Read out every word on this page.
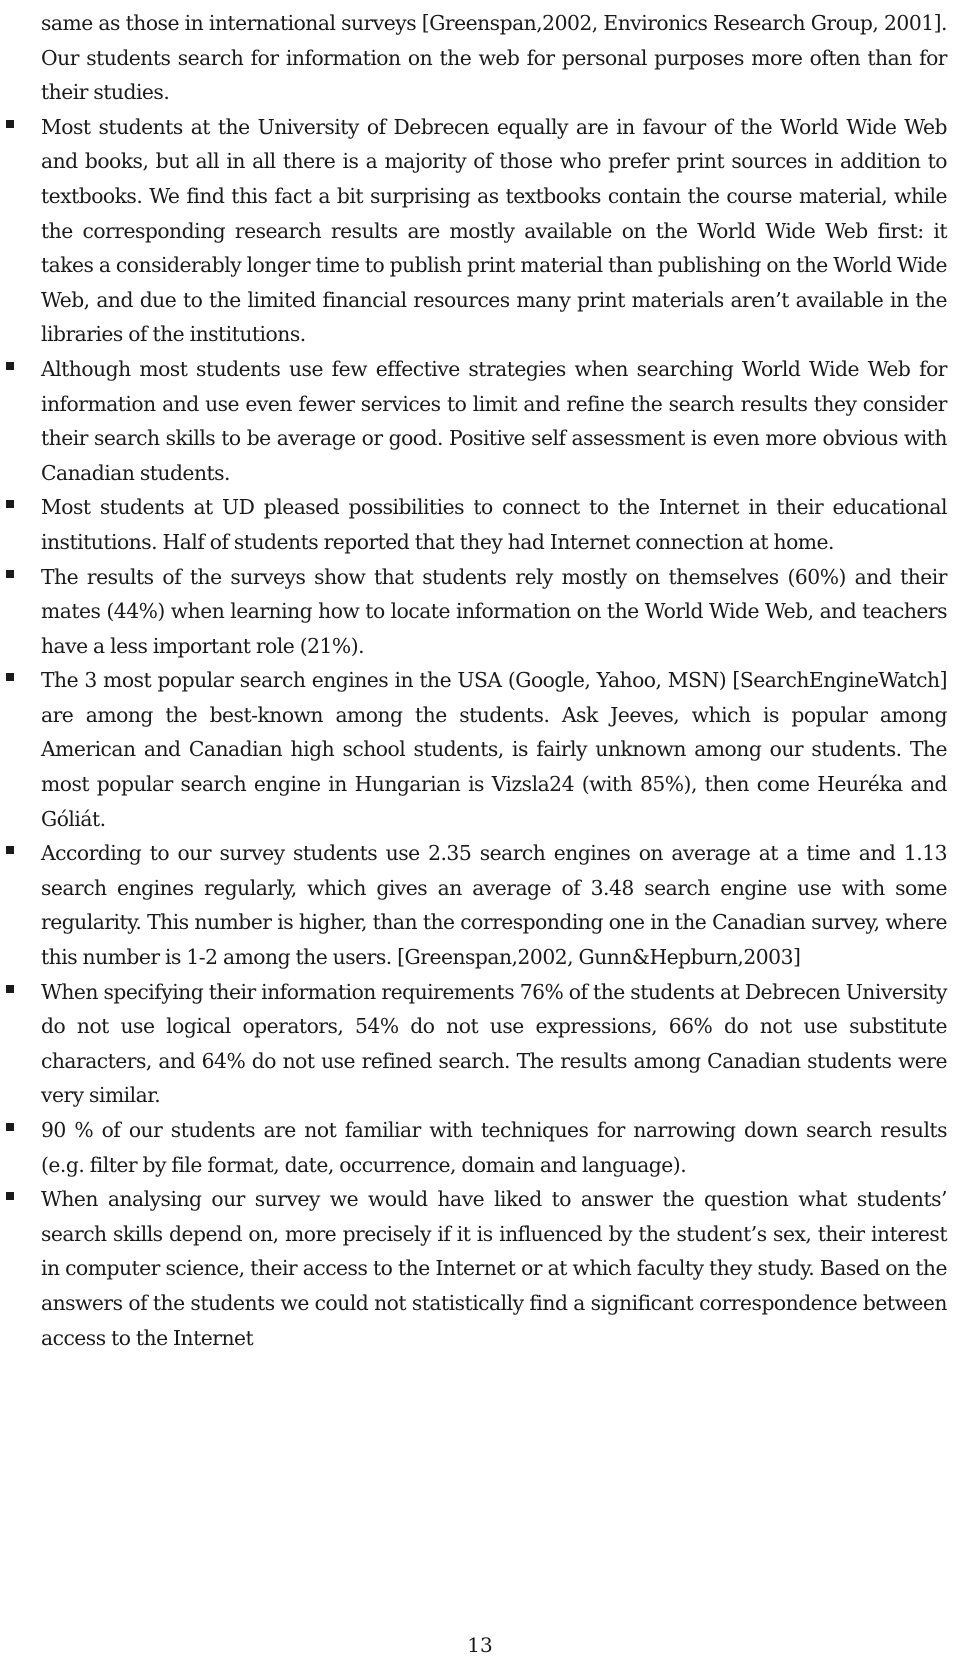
same as those in international surveys [Greenspan,2002, Environics Research Group, 2001]. Our students search for information on the web for personal purposes more often than for their studies.

Most students at the University of Debrecen equally are in favour of the World Wide Web and books, but all in all there is a majority of those who prefer print sources in addition to textbooks. We find this fact a bit surprising as textbooks contain the course material, while the corresponding research results are mostly available on the World Wide Web first: it takes a considerably longer time to publish print material than publishing on the World Wide Web, and due to the limited financial resources many print materials aren’t available in the libraries of the institutions.
Although most students use few effective strategies when searching World Wide Web for information and use even fewer services to limit and refine the search results they consider their search skills to be average or good. Positive self assessment is even more obvious with Canadian students.
Most students at UD pleased possibilities to connect to the Internet in their educational institutions. Half of students reported that they had Internet connection at home.
The results of the surveys show that students rely mostly on themselves (60%) and their mates (44%) when learning how to locate information on the World Wide Web, and teachers have a less important role (21%).
The 3 most popular search engines in the USA (Google, Yahoo, MSN) [SearchEngineWatch] are among the best-known among the students. Ask Jeeves, which is popular among American and Canadian high school students, is fairly unknown among our students. The most popular search engine in Hungarian is Vizsla24 (with 85%), then come Heuréka and Góliát.
According to our survey students use 2.35 search engines on average at a time and 1.13 search engines regularly, which gives an average of 3.48 search engine use with some regularity. This number is higher, than the corresponding one in the Canadian survey, where this number is 1-2 among the users. [Greenspan,2002, Gunn&Hepburn,2003]
When specifying their information requirements 76% of the students at Debrecen University do not use logical operators, 54% do not use expressions, 66% do not use substitute characters, and 64% do not use refined search. The results among Canadian students were very similar.
90 % of our students are not familiar with techniques for narrowing down search results (e.g. filter by file format, date, occurrence, domain and language).
When analysing our survey we would have liked to answer the question what students’ search skills depend on, more precisely if it is influenced by the student’s sex, their interest in computer science, their access to the Internet or at which faculty they study. Based on the answers of the students we could not statistically find a significant correspondence between access to the Internet
13
